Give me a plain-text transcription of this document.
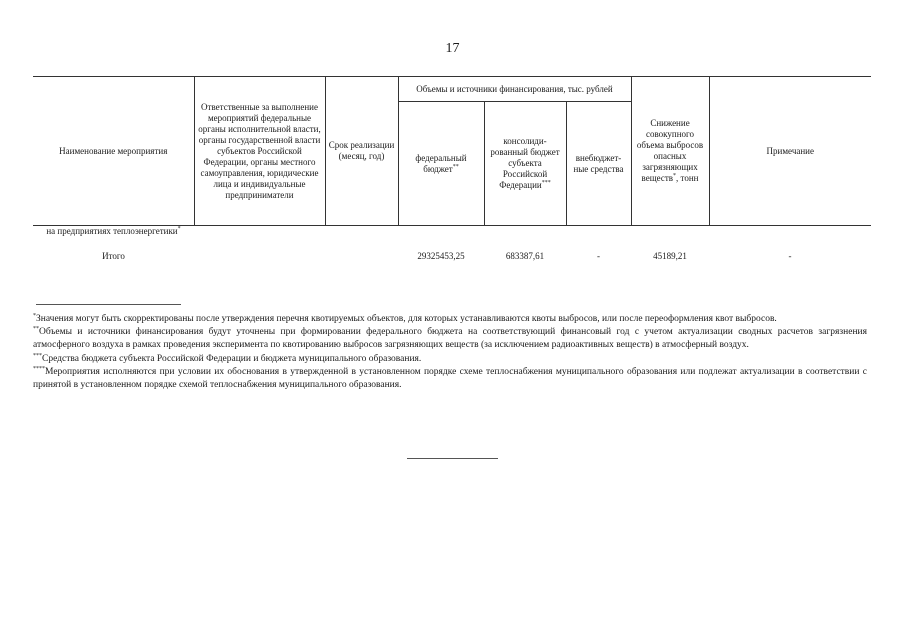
17
Наименование мероприятия	Ответственные за выполнение мероприятий федеральные органы исполнительной власти, органы государственной власти субъектов Российской Федерации, органы местного самоуправления, юридические лица и индивидуальные предприниматели	Срок реализации (месяц, год)	Объемы и источники финансирования, тыс. рублей			Снижение совокупного объема выбросов опасных загрязняющих веществ*, тонн	Примечание
			федеральный бюджет**	консолиди-рованный бюджет субъекта Российской Федерации***	внебюджет-ные средства		
на предприятиях теплоэнергетики*							
Итого			29325453,25	683387,61	-	45189,21	-

*Значения могут быть скорректированы после утверждения перечня квотируемых объектов, для которых устанавливаются квоты выбросов, или после переоформления квот выбросов.

**Объемы и источники финансирования будут уточнены при формировании федерального бюджета на соответствующий финансовый год с учетом актуализации сводных расчетов загрязнения атмосферного воздуха в рамках проведения эксперимента по квотированию выбросов загрязняющих веществ (за исключением радиоактивных веществ) в атмосферный воздух.

***Средства бюджета субъекта Российской Федерации и бюджета муниципального образования.

****Мероприятия исполняются при условии их обоснования в утвержденной в установленном порядке схеме теплоснабжения муниципального образования или подлежат актуализации в соответствии с принятой в установленном порядке схемой теплоснабжения муниципального образования.
